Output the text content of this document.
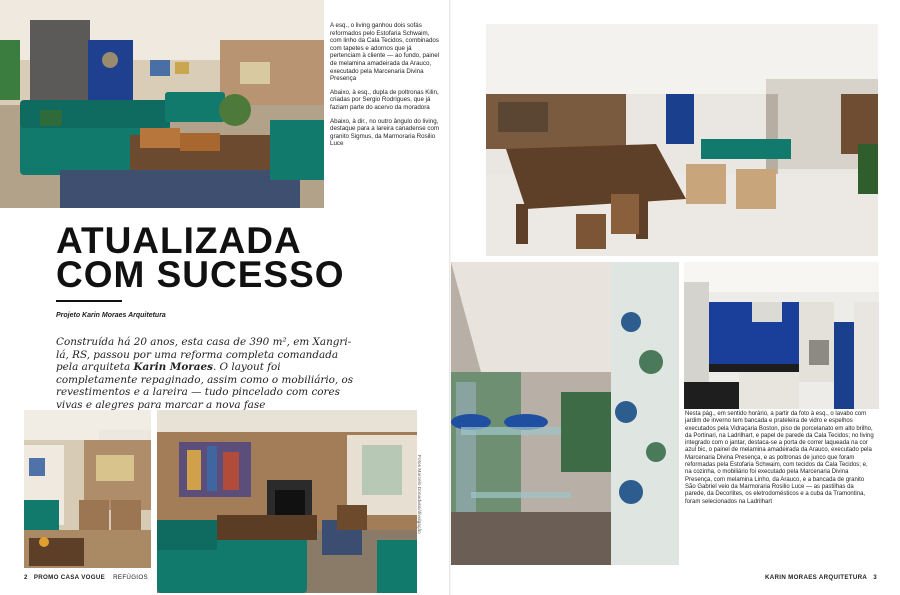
A esq., o living ganhou dois sofás reformados pelo Estofaria Schwaim, com linho da Cala Tecidos, combinados com tapetes e adornos que já pertenciam à cliente — ao fundo, painel de melamina amadeirada da Arauco, executado pela Marcenaria Divina Presença

Abaixo, à esq., dupla de poltronas Kilin, criadas por Sergio Rodrigues, que já faziam parte do acervo da moradora

Abaixo, à dir., no outro ângulo do living, destaque para a lareira canadense com granito Sigmus, da Marmoraria Rosilio Luce

ATUALIZADA
COM SUCESSO
Projeto Karin Moraes Arquitetura
Construída há 20 anos, esta casa de 390 m², em Xangri-lá, RS, passou por uma reforma completa comandada pela arquiteta Karin Moraes. O layout foi completamente repaginado, assim como o mobiliário, os revestimentos e a lareira — tudo pincelado com cores vivas e alegres para marcar a nova fase
Fotos Marcelo Donadussi/divulgação
2 PROMO CASA VOGUE REFÚGIOS
Nesta pág., em sentido horário, a partir da foto à esq., o lavabo com jardim de inverno tem bancada e prateleira de vidro e espelhos executados pela Vidraçaria Boston, piso de porcelanato em alto brilho, da Portinari, na Ladrilhart, e papel de parede da Cala Tecidos; no living integrado com o jantar, destaca-se a porta de correr laqueada na cor azul bic, o painel de melamina amadeirada da Arauco, executado pela Marcenaria Divina Presença, e as poltronas de junco que foram reformadas pela Estofaria Schwaim, com tecidos da Cala Tecidos; e, na cozinha, o mobiliário foi executado pela Marcenaria Divina Presença, com melamina Linho, da Arauco, e a bancada de granito São Gabriel veio da Marmoraria Rosilio Luce — as pastilhas da parede, da Decorlites, os eletrodomésticos e a cuba da Tramontina, foram selecionados na Ladrilhart
KARIN MORAES ARQUITETURA 3
